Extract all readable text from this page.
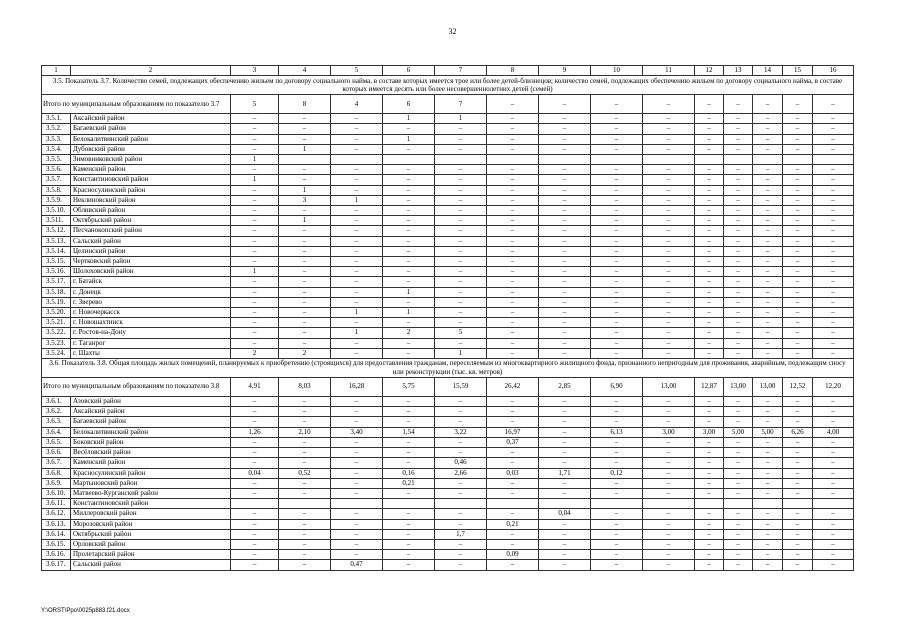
32
1	2	3	4	5	6	7	8	9	10	11	12	13	14	15	16
3.5. Показатель 3.7. Количество семей, подлежащих обеспечению жильем по договору социального найма, в составе которых имеется трое или более детей-близнецов; количество семей, подлежащих обеспечению жильем по договору социального найма, в составе которых имеется десять или более несовершеннолетних детей (семей)															
Итого по муниципальным образованиям по показателю 3.7		5	8	4	6	7	–	–	–	–	–	–	–	–	–
3.5.1.	Аксайский район	–	–	–	1	1	–	–	–	–	–	–	–	–	–
3.5.2.	Багаевский район	–	–	–	–	–	–	–	–	–	–	–	–	–	–
3.5.3.	Белокалитвинский район	–	–	–	1	–	–	–	–	–	–	–	–	–	–
3.5.4.	Дубовский район	–	1	–	–	–	–	–	–	–	–	–	–	–	–
3.5.5.	Зимовниковский район	1													
3.5.6.	Каменский район	–	–	–	–	–	–	–	–	–	–	–	–	–	–
3.5.7.	Константиновский район	1	–	–	–	–	–	–	–	–	–	–	–	–	–
3.5.8.	Красносулинский район	–	1	–	–	–	–	–	–	–	–	–	–	–	–
3.5.9.	Неклиновский район	–	3	1	–	–	–	–	–	–	–	–	–	–	–
3.5.10.	Обливский район	–	–	–	–	–	–	–	–	–	–	–	–	–	–
3.511.	Октябрьский район	–	1	–	–	–	–	–	–	–	–	–	–	–	–
3.5.12.	Песчанокопский район	–	–	–	–	–	–	–	–	–	–	–	–	–	–
3.5.13.	Сальский район	–	–	–	–	–	–	–	–	–	–	–	–	–	–
3.5.14.	Целинский район	–	–	–	–	–	–	–	–	–	–	–	–	–	–
3.5.15.	Чертковский район	–	–	–	–	–	–	–	–	–	–	–	–	–	–
3.5.16.	Шолоховский район	1	–	–	–	–	–	–	–	–	–	–	–	–	–
3.5.17.	г. Батайск	–	–	–	–	–	–	–	–	–	–	–	–	–	–
3.5.18.	г. Донецк	–	–	–	1	–	–	–	–	–	–	–	–	–	–
3.5.19.	г. Зверево	–	–	–	–	–	–	–	–	–	–	–	–	–	–
3.5.20.	г. Новочеркасск	–	–	1	1	–	–	–	–	–	–	–	–	–	–
3.5.21.	г. Новошахтинск	–	–	–	–	–	–	–	–	–	–	–	–	–	–
3.5.22.	г. Ростов-на-Дону	–	–	1	2	5	–	–	–	–	–	–	–	–	–
3.5.23.	г. Таганрог	–	–	–	–	–	–	–	–	–	–	–	–	–	–
3.5.24.	г. Шахты	2	2	–	–	1	–	–	–	–	–	–	–	–	–
3.6. Показатель 3.8. Общая площадь жилых помещений, планируемых к приобретению (строящихся) для предоставления гражданам, переселяемым из многоквартирного жилищного фонда, признанного непригодным для проживания, аварийным, подлежащим сносу или реконструкции (тыс. кв. метров)															
Итого по муниципальным образованиям по показателю 3.8		4,91	8,03	16,28	5,75	15,59	26,42	2,85	6,90	13,00	12,87	13,00	13,00	12,52	12,20
3.6.1.	Азовский район	–	–	–	–	–	–	–	–	–	–	–	–	–	–
3.6.2.	Аксайский район	–	–	–	–	–	–	–	–	–	–	–	–	–	–
3.6.3.	Багаевский район	–	–	–	–	–	–	–	–	–	–	–	–	–	–
3.6.4.	Белокалитвинский район	1,26	2,10	3,40	1,54	3,22	16,97	–	6,13	3,00	3,00	5,00	5,00	6,26	4,00
3.6.5.	Боковский район	–	–	–	–	–	0,37	–	–	–	–	–	–	–	–
3.6.6.	Весёловский район	–	–	–	–	–	–	–	–	–	–	–	–	–	–
3.6.7.	Каменский район	–	–	–	–	0,46	–	–	–	–	–	–	–	–	–
3.6.8.	Красносулинский район	0,04	0,52	–	0,16	2,66	0,03	1,71	0,12	–	–	–	–	–	–
3.6.9.	Мартыновский район	–	–	–	0,21	–	–	–	–	–	–	–	–	–	–
3.6.10.	Матвеево-Курганский район	–	–	–	–	–	–	–	–	–	–	–	–	–	–
3.6.11.	Константиновский район														
3.6.12.	Миллеровский район	–	–	–	–	–	–	0,04	–	–	–	–	–	–	–
3.6.13.	Морозовский район	–	–	–	–	–	0,21	–	–	–	–	–	–	–	–
3.6.14.	Октябрьский район	–	–	–	–	1,7	–	–	–	–	–	–	–	–	–
3.6.15.	Орловский район	–	–	–	–	–	–	–	–	–	–	–	–	–	–
3.6.16.	Пролетарский район	–	–	–	–	–	0,09	–	–	–	–	–	–	–	–
3.6.17.	Сальский район	–	–	0,47	–	–	–	–	–	–	–	–	–	–	–
Y:\ORST\Ppo\0025p883.f21.docx
